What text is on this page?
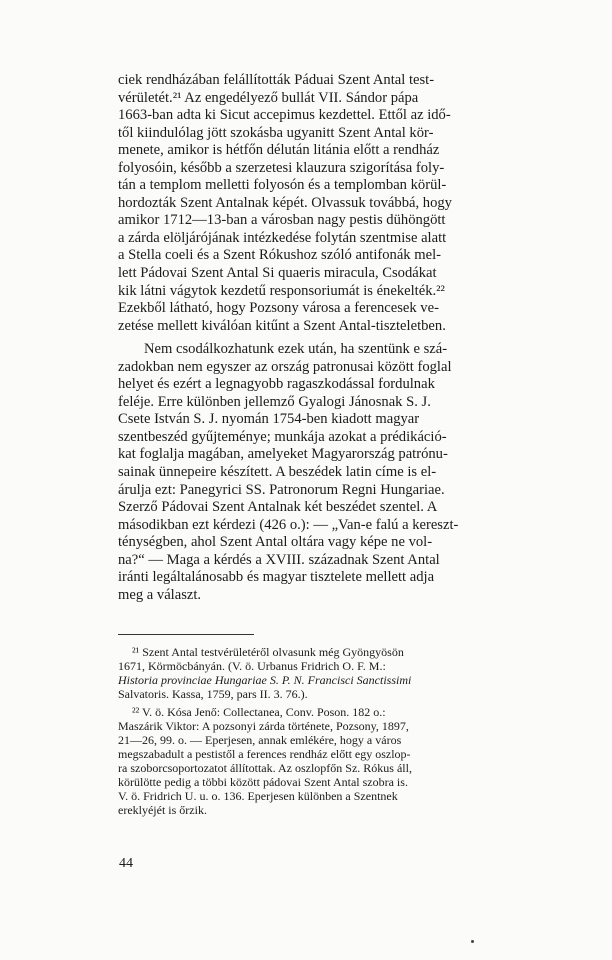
ciek rendházában felállították Páduai Szent Antal test-
vérületét.²¹ Az engedélyező bullát VII. Sándor pápa
1663-ban adta ki Sicut accepimus kezdettel. Ettől az idő-
től kiindulólag jött szokásba ugyanitt Szent Antal kör-
menete, amikor is hétfőn délután litánia előtt a rendház
folyosóin, később a szerzetesi klauzura szigorítása foly-
tán a templom melletti folyosón és a templomban körül-
hordozták Szent Antalnak képét. Olvassuk továbbá, hogy
amikor 1712—13-ban a városban nagy pestis dühöngött
a zárda elöljárójának intézkedése folytán szentmise alatt
a Stella coeli és a Szent Rókushoz szóló antifonák mel-
lett Pádovai Szent Antal Si quaeris miracula, Csodákat
kik látni vágytok kezdetű responsoriumát is énekelték.²²
Ezekből látható, hogy Pozsony városa a ferencesek ve-
zetése mellett kiválóan kitűnt a Szent Antal-tiszteletben.

Nem csodálkozhatunk ezek után, ha szentünk e szá-
zadokban nem egyszer az ország patronusai között foglal
helyet és ezért a legnagyobb ragaszkodással fordulnak
feléje. Erre különben jellemző Gyalogi Jánosnak S. J.
Csete István S. J. nyomán 1754-ben kiadott magyar
szentbeszéd gyűjteménye; munkája azokat a prédikáció-
kat foglalja magában, amelyeket Magyarország patrónu-
sainak ünnepeire készített. A beszédek latin címe is el-
árulja ezt: Panegyrici SS. Patronorum Regni Hungariae.
Szerző Pádovai Szent Antalnak két beszédet szentel. A
másodikban ezt kérdezi (426 o.): — „Van-e falú a kereszt-
ténységben, ahol Szent Antal oltára vagy képe ne vol-
na?“ — Maga a kérdés a XVIII. századnak Szent Antal
iránti legáltalánosabb és magyar tisztelete mellett adja
meg a választ.

²¹ Szent Antal testvérületéről olvasunk még Gyöngyösön
1671, Körmöcbányán. (V. ö. Urbanus Fridrich O. F. M.:
Historia provinciae Hungariae S. P. N. Francisci Sanctissimi
Salvatoris. Kassa, 1759, pars II. 3. 76.).
²² V. ö. Kósa Jenő: Collectanea, Conv. Poson. 182 o.:
Maszárik Viktor: A pozsonyi zárda története, Pozsony, 1897,
21—26, 99. o. — Eperjesen, annak emlékére, hogy a város
megszabadult a pestistől a ferences rendház előtt egy oszlop-
ra szoborcsoportozatot állítottak. Az oszlopfőn Sz. Rókus áll,
körülötte pedig a többi között pádovai Szent Antal szobra is.
V. ö. Fridrich U. u. o. 136. Eperjesen különben a Szentnek
ereklyéjét is őrzik.
44
